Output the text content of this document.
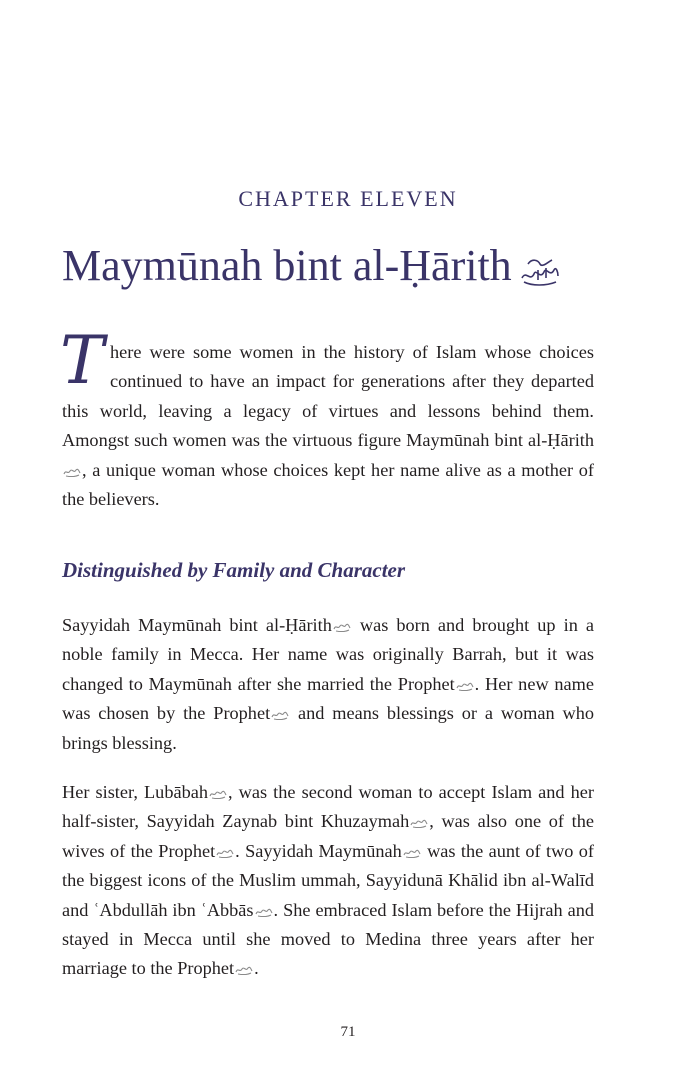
CHAPTER ELEVEN
Maymūnah bint al-Ḥārith

There were some women in the history of Islam whose choices continued to have an impact for generations after they departed this world, leaving a legacy of virtues and lessons behind them. Amongst such women was the virtuous figure Maymūnah bint al-Ḥārith, a unique woman whose choices kept her name alive as a mother of the believers.

Distinguished by Family and Character

Sayyidah Maymūnah bint al-Ḥārith was born and brought up in a noble family in Mecca. Her name was originally Barrah, but it was changed to Maymūnah after she married the Prophet . Her new name was chosen by the Prophet and means blessings or a woman who brings blessing.

Her sister, Lubābah , was the second woman to accept Islam and her half-sister, Sayyidah Zaynab bint Khuzaymah , was also one of the wives of the Prophet . Sayyidah Maymūnah was the aunt of two of the biggest icons of the Muslim ummah, Sayyidunā Khālid ibn al-Walīd and ʿAbdullāh ibn ʿAbbās . She embraced Islam before the Hijrah and stayed in Mecca until she moved to Medina three years after her marriage to the Prophet .

71
